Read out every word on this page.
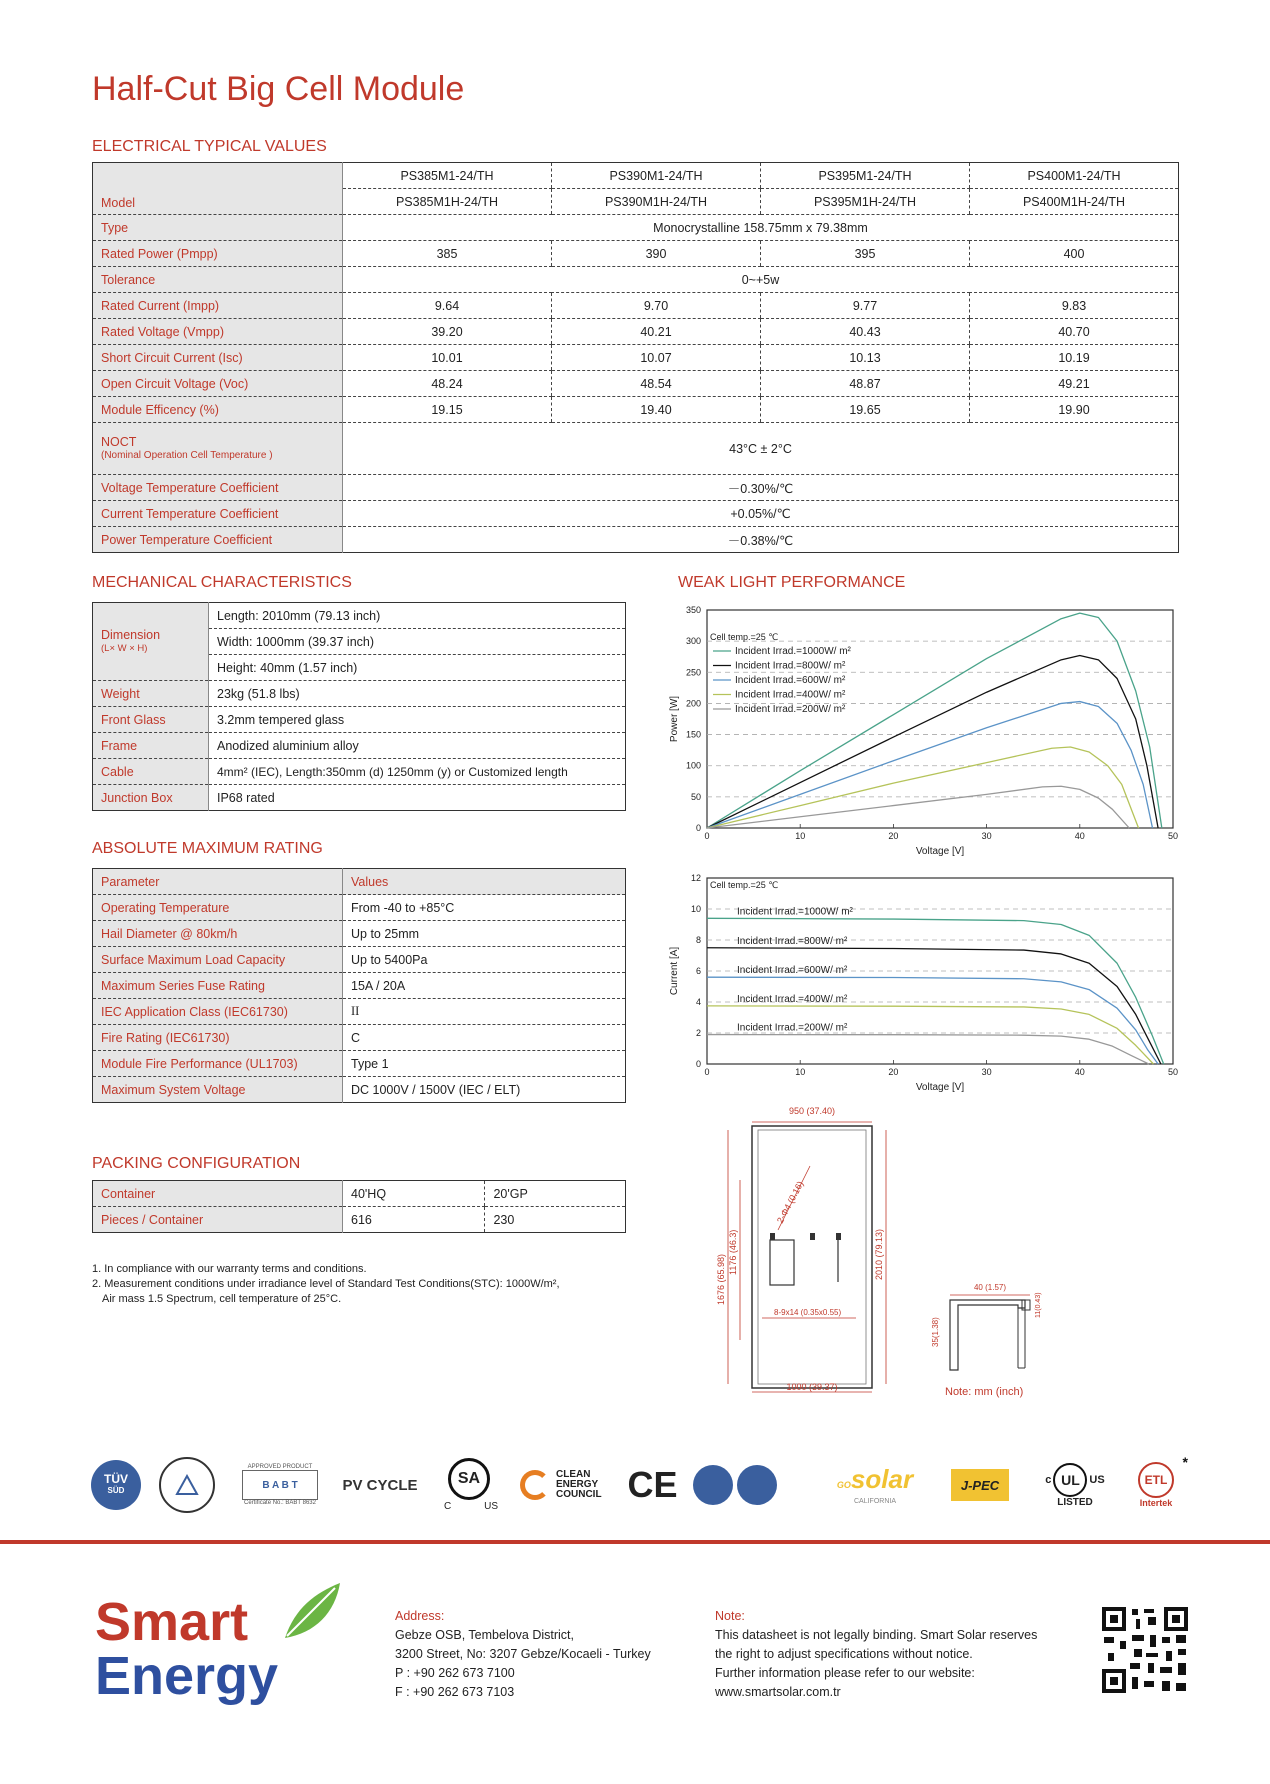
Half-Cut Big Cell Module
ELECTRICAL TYPICAL VALUES
Model	PS385M1-24/TH	PS390M1-24/TH	PS395M1-24/TH	PS400M1-24/TH
	PS385M1H-24/TH	PS390M1H-24/TH	PS395M1H-24/TH	PS400M1H-24/TH
Type	Monocrystalline 158.75mm x 79.38mm			
Rated Power (Pmpp)	385	390	395	400
Tolerance	0~+5w			
Rated Current (Impp)	9.64	9.70	9.77	9.83
Rated Voltage (Vmpp)	39.20	40.21	40.43	40.70
Short Circuit Current (Isc)	10.01	10.07	10.13	10.19
Open Circuit Voltage (Voc)	48.24	48.54	48.87	49.21
Module Efficency (%)	19.15	19.40	19.65	19.90

NOCT
(Nominal Operation Cell Temperature )	43°C ± 2°C			
Voltage Temperature Coefficient	－0.30%/℃			
Current Temperature Coefficient	+0.05%/℃			
Power Temperature Coefficient	－0.38%/℃			
MECHANICAL CHARACTERISTICS
Dimension
(L× W × H)	Length: 2010mm (79.13 inch)
	Width: 1000mm (39.37 inch)
	Height: 40mm (1.57 inch)
Weight	23kg (51.8 lbs)
Front Glass	3.2mm tempered glass
Frame	Anodized aluminium alloy
Cable	4mm² (IEC), Length:350mm (d) 1250mm (y) or Customized length
Junction Box	IP68 rated
ABSOLUTE MAXIMUM RATING
Parameter	Values
Operating Temperature	From -40 to +85°C
Hail Diameter @ 80km/h	Up to 25mm
Surface Maximum Load Capacity	Up to 5400Pa
Maximum Series Fuse Rating	15A / 20A
IEC Application Class (IEC61730)	II
Fire Rating (IEC61730)	C
Module Fire Performance (UL1703)	Type 1
Maximum System Voltage	DC 1000V / 1500V (IEC / ELT)
PACKING CONFIGURATION
Container	40'HQ	20'GP
Pieces / Container	616	230
1. In compliance with our warranty terms and conditions.
2. Measurement conditions under irradiance level of Standard Test Conditions(STC): 1000W/m²,
Air mass 1.5 Spectrum, cell temperature of 25°C.
WEAK LIGHT PERFORMANCE
0
50
100
150
200
250
300
350
0	10	20	30	40	50
Voltage [V]
Power [W]
Cell temp.=25 ℃
Incident Irrad.=1000W/ m²
Incident Irrad.=800W/ m²
Incident Irrad.=600W/ m²
Incident Irrad.=400W/ m²
Incident Irrad.=200W/ m²
0
2
4
6
8
10
12
0	10	20	30	40	50
Voltage [V]
Current [A]
Cell temp.=25 ℃
Incident Irrad.=1000W/ m²
Incident Irrad.=800W/ m²
Incident Irrad.=600W/ m²
Incident Irrad.=400W/ m²
Incident Irrad.=200W/ m²
950 (37.40)
1676 (65.98)
1176 (46.3)	2010 (79.13)
2-Φ4 (0.16)
8-9x14 (0.35x0.55)
1000 (39.37)
40 (1.57)
11(0.43)
35(1.38)
Note: mm (inch)
TÜV
SÜD
APPROVED PRODUCT
B A B T
Certificate No.: BABT 8632
PV CYCLE	SA
C	US
CLEAN
ENERGY
COUNCIL CE	GOsolar
CALIFORNIA
J-PEC	c UL US
LISTED
ETL
*
Intertek
Smart
Energy
Address:
Gebze OSB, Tembelova District,
3200 Street, No: 3207 Gebze/Kocaeli - Turkey
P : +90 262 673 7100
F : +90 262 673 7103
Note:
This datasheet is not legally binding. Smart Solar reserves
the right to adjust specifications without notice.
Further information please refer to our website:
www.smartsolar.com.tr
